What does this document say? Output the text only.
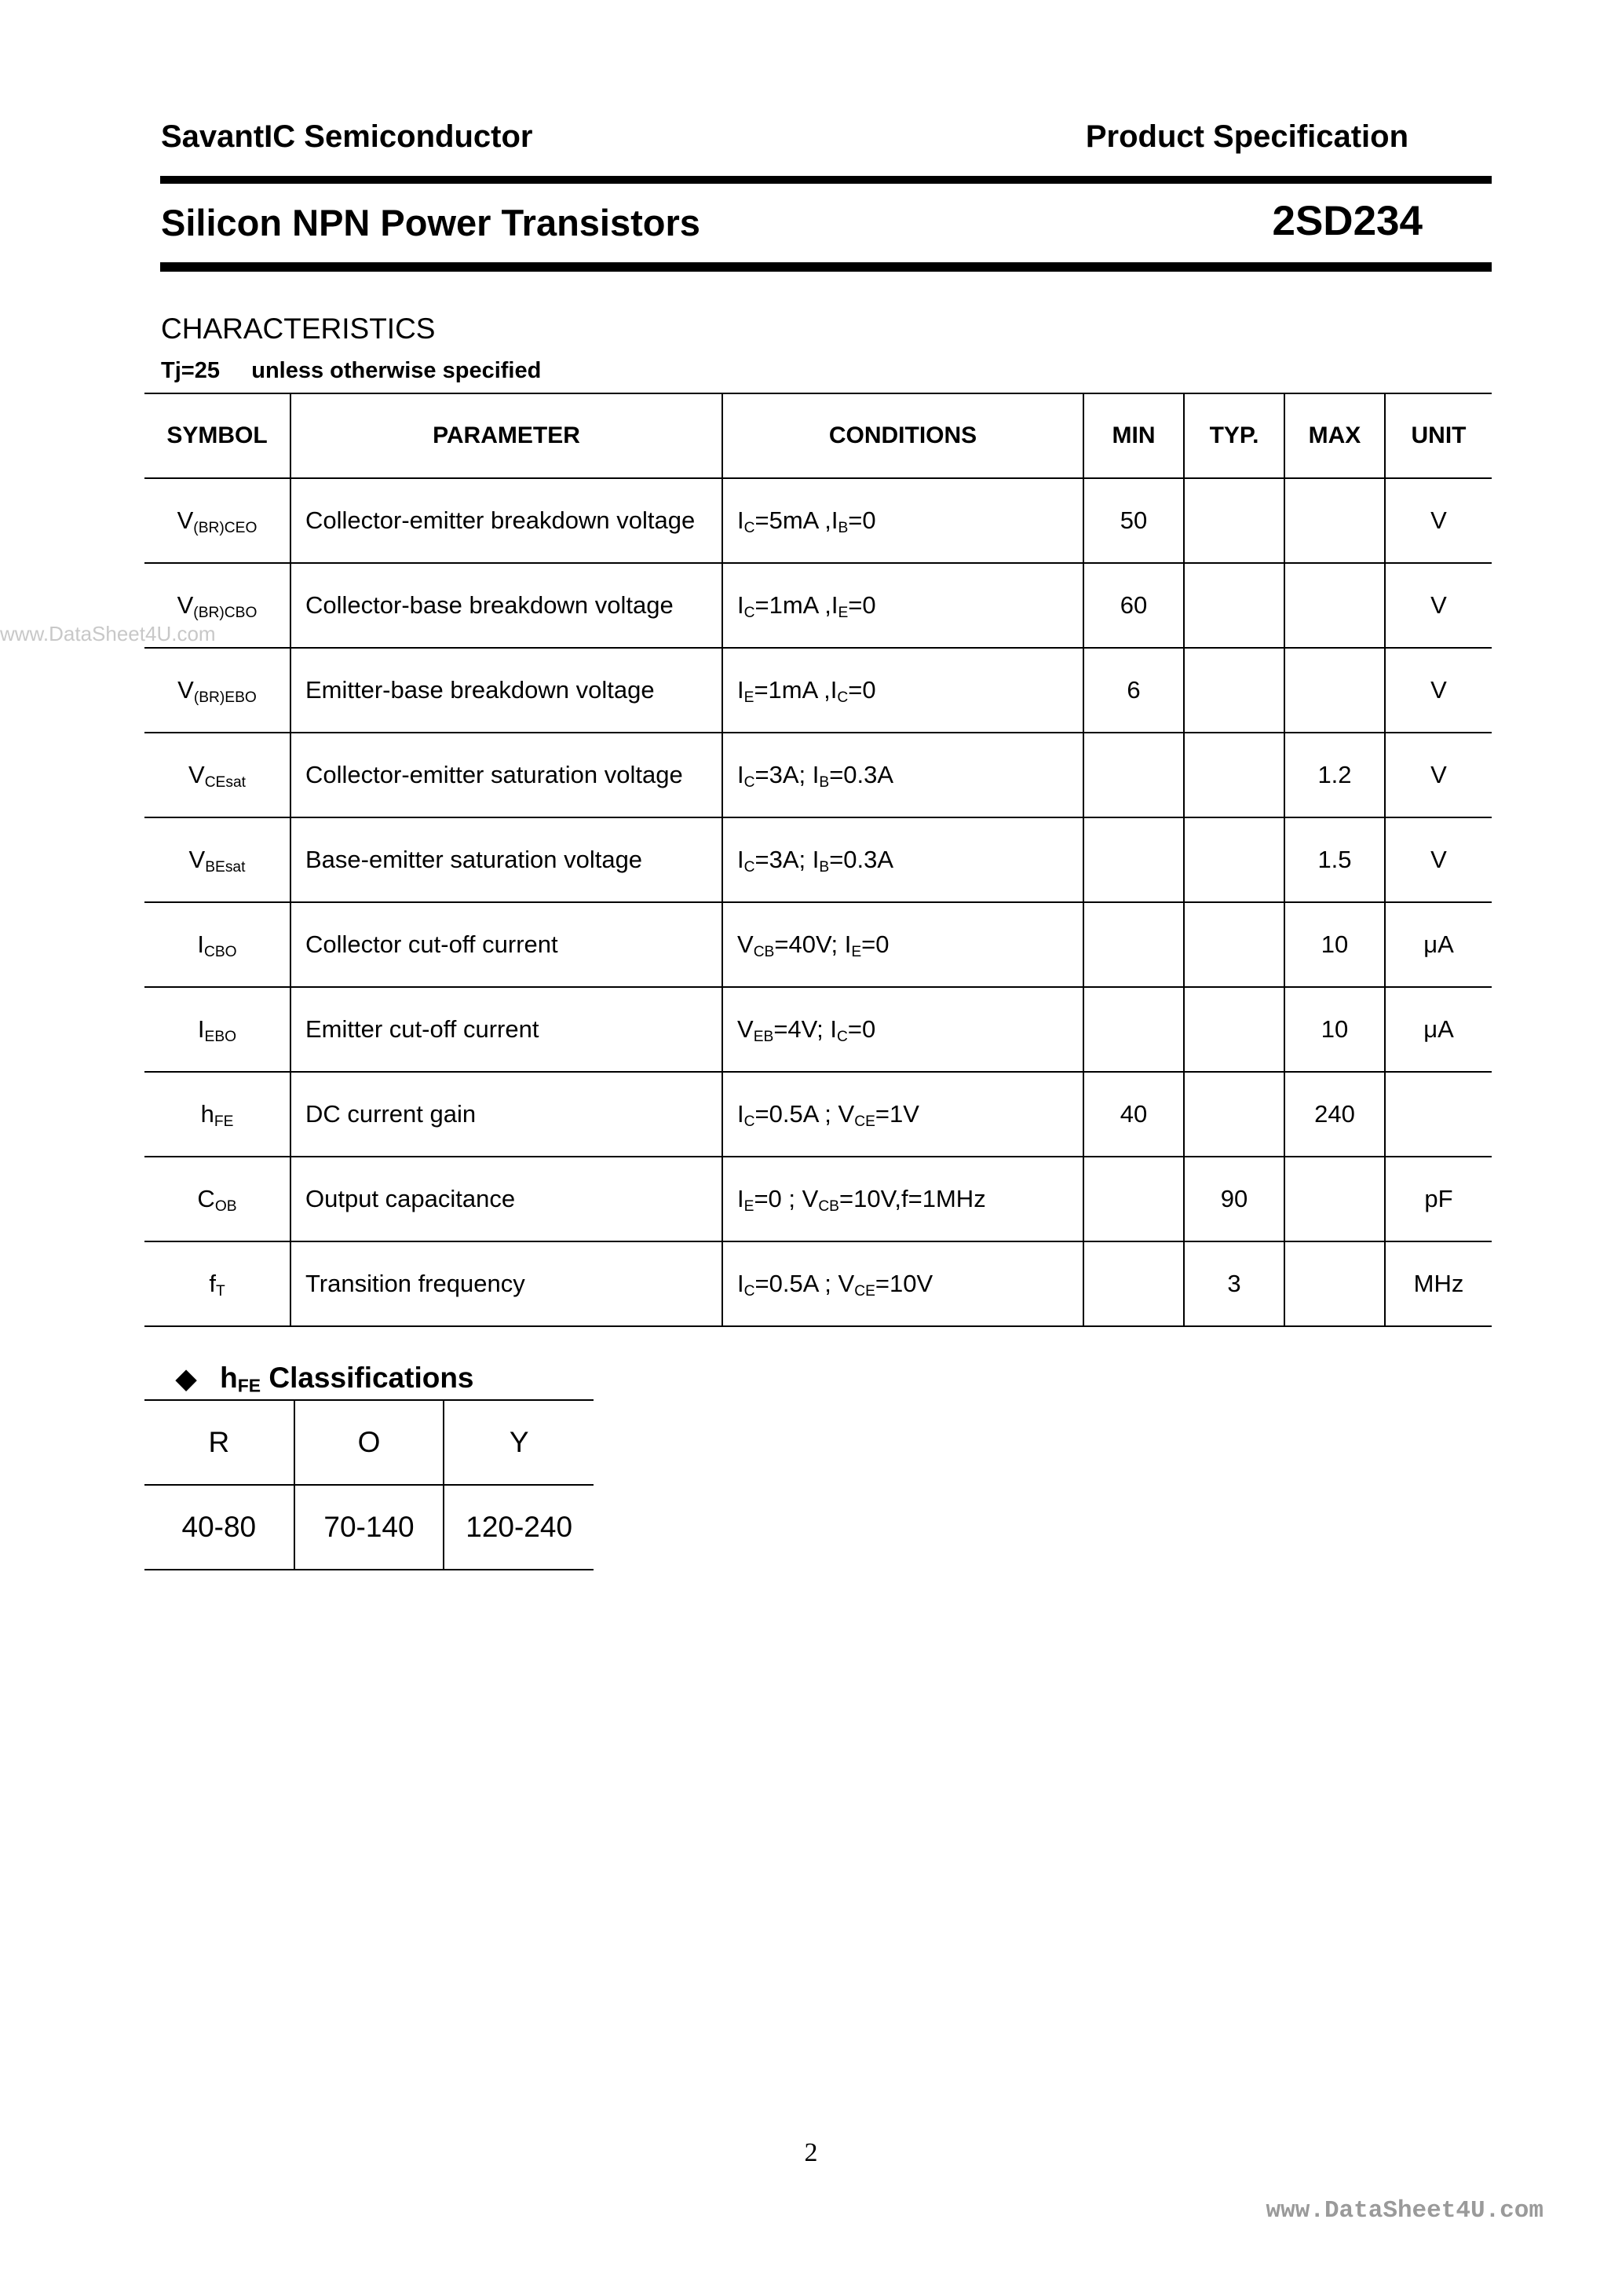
SavantIC Semiconductor	Product Specification
Silicon NPN Power Transistors	2SD234
CHARACTERISTICS
Tj=25     unless otherwise specified
www.DataSheet4U.com
SYMBOL	PARAMETER	CONDITIONS	MIN	TYP.	MAX	UNIT
$V_{(BR)CEO}$	Collector-emitter breakdown voltage	$I_C=5mA$ $,I_B=0$	50			V
$V_{(BR)CBO}$	Collector-base breakdown voltage	$I_C=1mA$ $,I_E=0$	60			V
$V_{(BR)EBO}$	Emitter-base breakdown voltage	$I_E=1mA$ $,I_C=0$	6			V
$V_{CEsat}$	Collector-emitter saturation voltage	$I_C=3A$; $I_B=0.3A$			1.2	V
$V_{BEsat}$	Base-emitter saturation voltage	$I_C=3A$; $I_B=0.3A$			1.5	V
$I_{CBO}$	Collector cut-off current	$V_{CB}=40V$; $I_E=0$			10	μA
$I_{EBO}$	Emitter cut-off current	$V_{EB}=4V$; $I_C=0$			10	μA
$h_{FE}$	DC current gain	$I_C=0.5A$ ; $V_{CE}=1V$	40		240	
$C_{OB}$	Output capacitance	$I_E=0$ ; $V_{CB}=10V,f=1MHz$		90		pF
$f_T$	Transition frequency	$I_C=0.5A$ ; $V_{CE}=10V$		3		MHz
◆ $h_{FE}$ Classifications
R	O	Y
40-80	70-140	120-240
2
www.DataSheet4U.com
